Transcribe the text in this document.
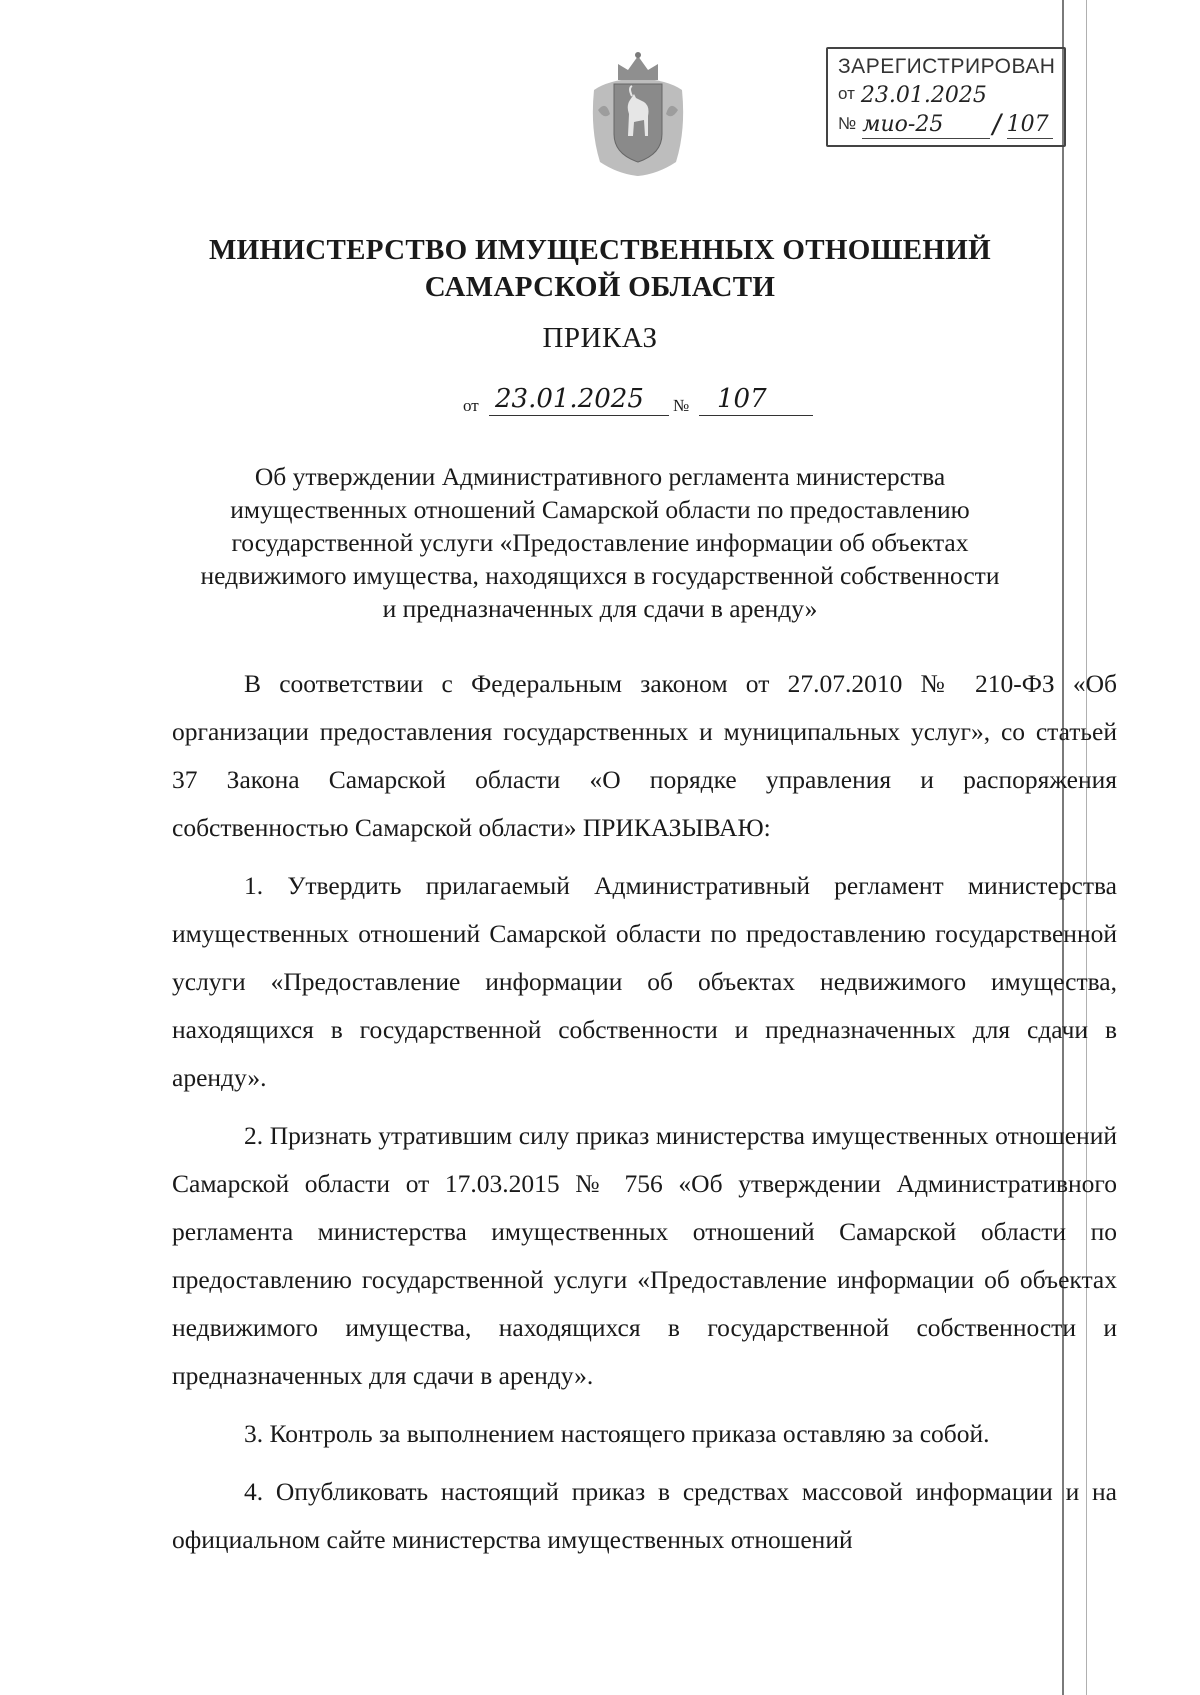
ЗАРЕГИСТРИРОВАН
от 23.01.2025
№ мио-25	/ 107
МИНИСТЕРСТВО ИМУЩЕСТВЕННЫХ ОТНОШЕНИЙ
САМАРСКОЙ ОБЛАСТИ
ПРИКАЗ
от 23.01.2025	№	107
Об утверждении Административного регламента министерства
имущественных отношений Самарской области по предоставлению
государственной услуги «Предоставление информации об объектах
недвижимого имущества, находящихся в государственной собственности
и предназначенных для сдачи в аренду»

В соответствии с Федеральным законом от 27.07.2010 № 210-ФЗ «Об организации предоставления государственных и муниципальных услуг», со статьей 37 Закона Самарской области «О порядке управления и распоряжения собственностью Самарской области» ПРИКАЗЫВАЮ:

1. Утвердить прилагаемый Административный регламент министерства имущественных отношений Самарской области по предоставлению государственной услуги «Предоставление информации об объектах недвижимого имущества, находящихся в государственной собственности и предназначенных для сдачи в аренду».

2. Признать утратившим силу приказ министерства имущественных отношений Самарской области от 17.03.2015 № 756 «Об утверждении Административного регламента министерства имущественных отношений Самарской области по предоставлению государственной услуги «Предоставление информации об объектах недвижимого имущества, находящихся в государственной собственности и предназначенных для сдачи в аренду».

3. Контроль за выполнением настоящего приказа оставляю за собой.

4. Опубликовать настоящий приказ в средствах массовой информации и на официальном сайте министерства имущественных отношений
